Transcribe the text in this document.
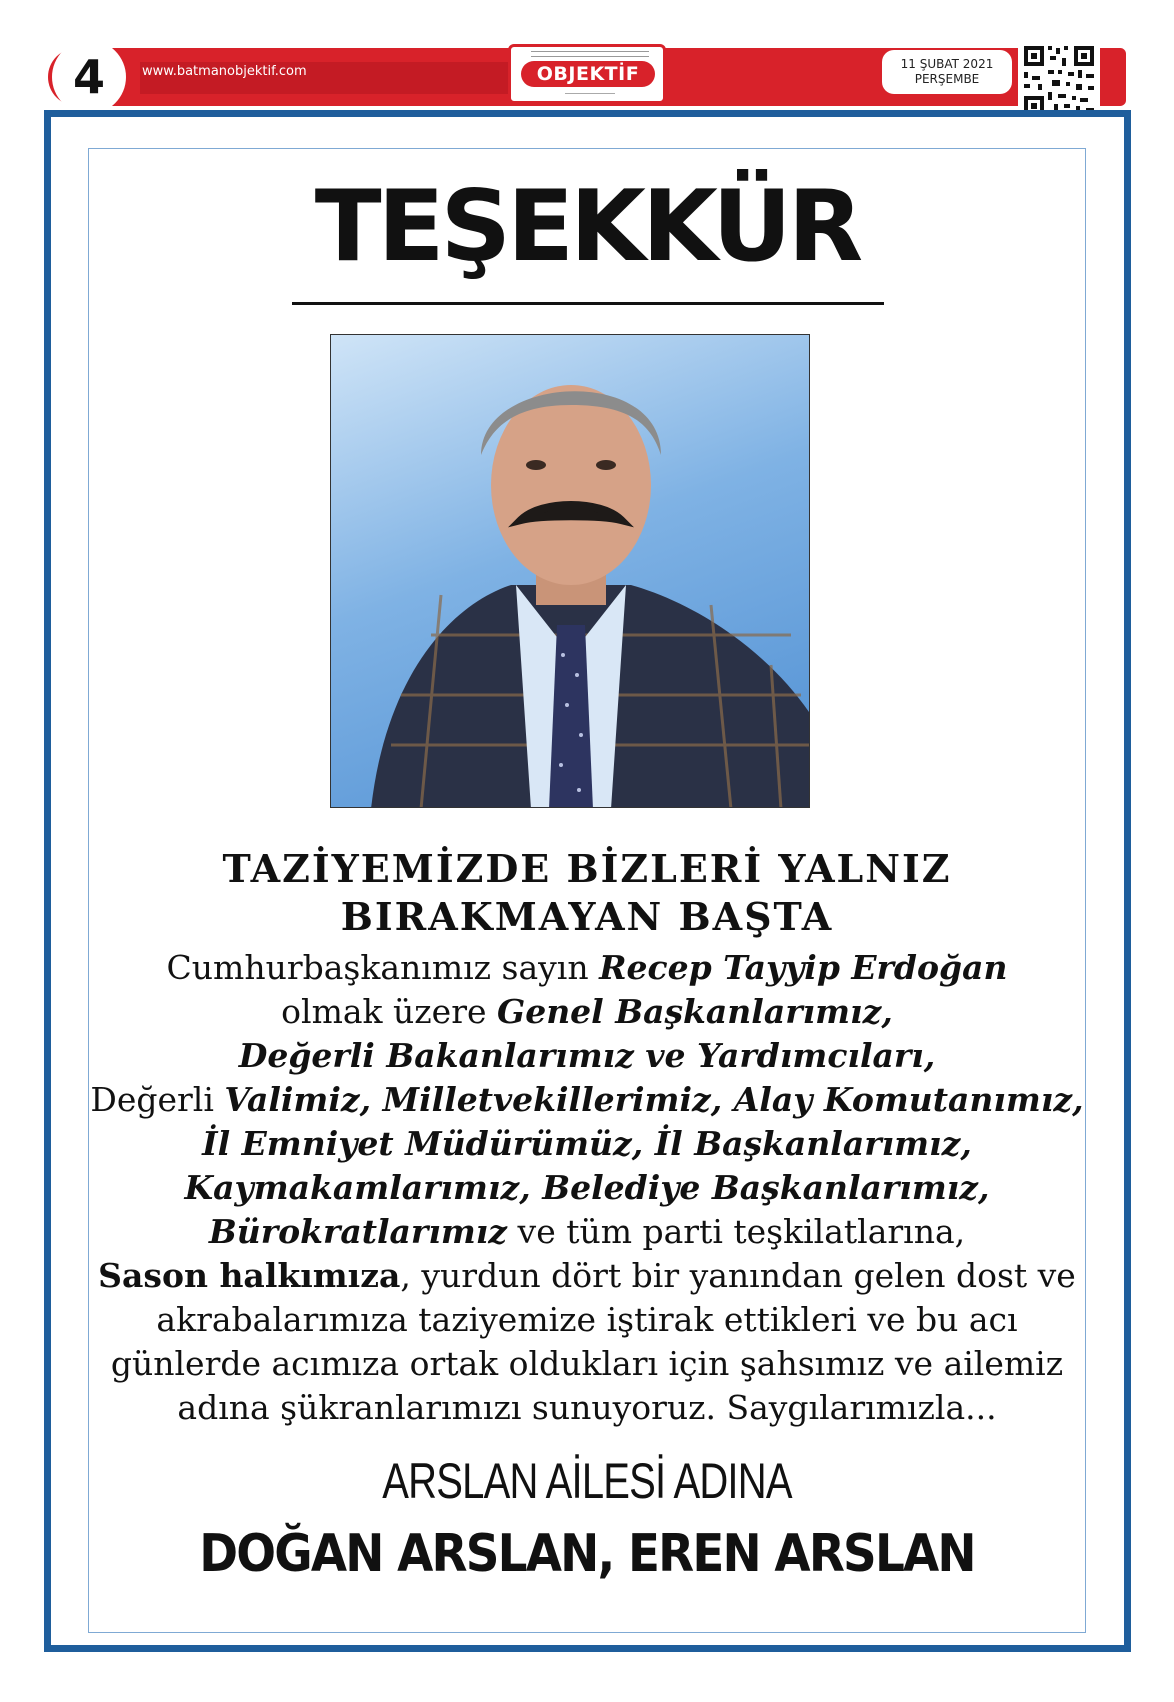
4	www.batmanobjektif.com	OBJEKTİF	11 ŞUBAT 2021
PERŞEMBE
TEŞEKKÜR
TAZİYEMİZDE BİZLERİ YALNIZ
BIRAKMAYAN BAŞTA
Cumhurbaşkanımız sayın Recep Tayyip Erdoğan
olmak üzere Genel Başkanlarımız,
Değerli Bakanlarımız ve Yardımcıları,
Değerli Valimiz, Milletvekillerimiz, Alay Komutanımız,
İl Emniyet Müdürümüz, İl Başkanlarımız,
Kaymakamlarımız, Belediye Başkanlarımız,
Bürokratlarımız ve tüm parti teşkilatlarına,
Sason halkımıza, yurdun dört bir yanından gelen dost ve
akrabalarımıza taziyemize iştirak ettikleri ve bu acı
günlerde acımıza ortak oldukları için şahsımız ve ailemiz
adına şükranlarımızı sunuyoruz. Saygılarımızla...
ARSLAN AİLESİ ADINA
DOĞAN ARSLAN, EREN ARSLAN
